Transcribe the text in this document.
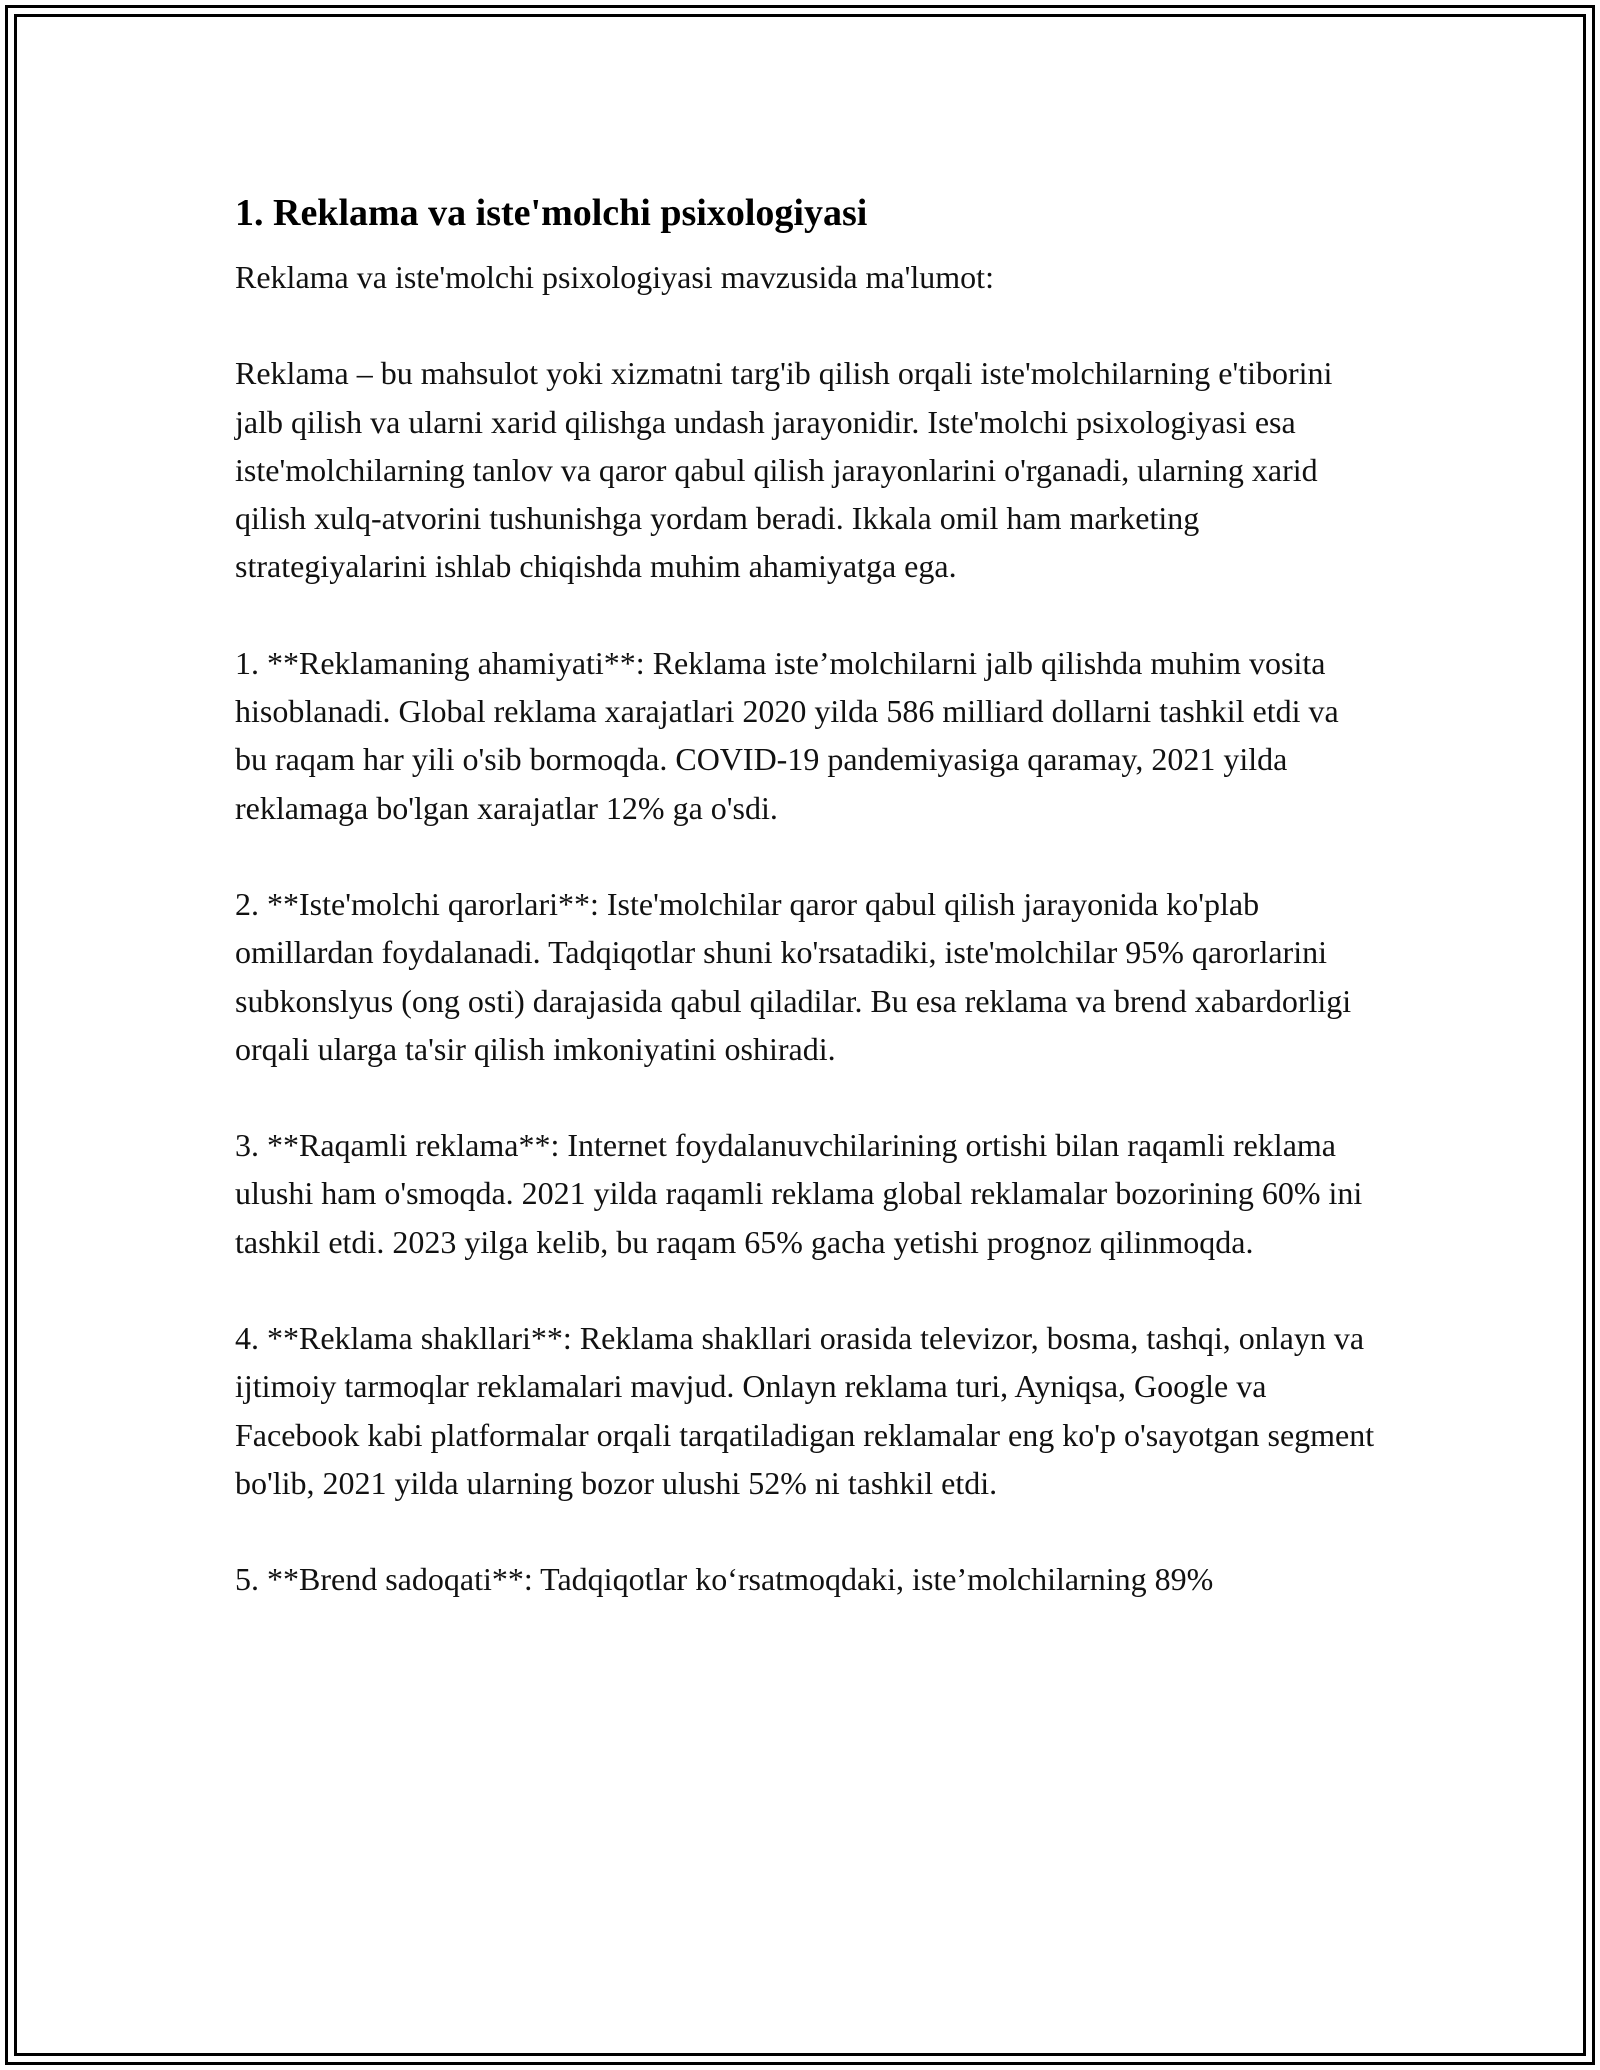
1. Reklama va iste'molchi psixologiyasi

Reklama va iste'molchi psixologiyasi mavzusida ma'lumot:

Reklama – bu mahsulot yoki xizmatni targ'ib qilish orqali iste'molchilarning e'tiborini jalb qilish va ularni xarid qilishga undash jarayonidir. Iste'molchi psixologiyasi esa iste'molchilarning tanlov va qaror qabul qilish jarayonlarini o'rganadi, ularning xarid qilish xulq-atvorini tushunishga yordam beradi. Ikkala omil ham marketing strategiyalarini ishlab chiqishda muhim ahamiyatga ega.

1. **Reklamaning ahamiyati**: Reklama iste’molchilarni jalb qilishda muhim vosita hisoblanadi. Global reklama xarajatlari 2020 yilda 586 milliard dollarni tashkil etdi va bu raqam har yili o'sib bormoqda. COVID-19 pandemiyasiga qaramay, 2021 yilda reklamaga bo'lgan xarajatlar 12% ga o'sdi.

2. **Iste'molchi qarorlari**: Iste'molchilar qaror qabul qilish jarayonida ko'plab omillardan foydalanadi. Tadqiqotlar shuni ko'rsatadiki, iste'molchilar 95% qarorlarini subkonslyus (ong osti) darajasida qabul qiladilar. Bu esa reklama va brend xabardorligi orqali ularga ta'sir qilish imkoniyatini oshiradi.

3. **Raqamli reklama**: Internet foydalanuvchilarining ortishi bilan raqamli reklama ulushi ham o'smoqda. 2021 yilda raqamli reklama global reklamalar bozorining 60% ini tashkil etdi. 2023 yilga kelib, bu raqam 65% gacha yetishi prognoz qilinmoqda.

4. **Reklama shakllari**: Reklama shakllari orasida televizor, bosma, tashqi, onlayn va ijtimoiy tarmoqlar reklamalari mavjud. Onlayn reklama turi, Ayniqsa, Google va Facebook kabi platformalar orqali tarqatiladigan reklamalar eng ko'p o'sayotgan segment bo'lib, 2021 yilda ularning bozor ulushi 52% ni tashkil etdi.

5. **Brend sadoqati**: Tadqiqotlar ko‘rsatmoqdaki, iste’molchilarning 89%
